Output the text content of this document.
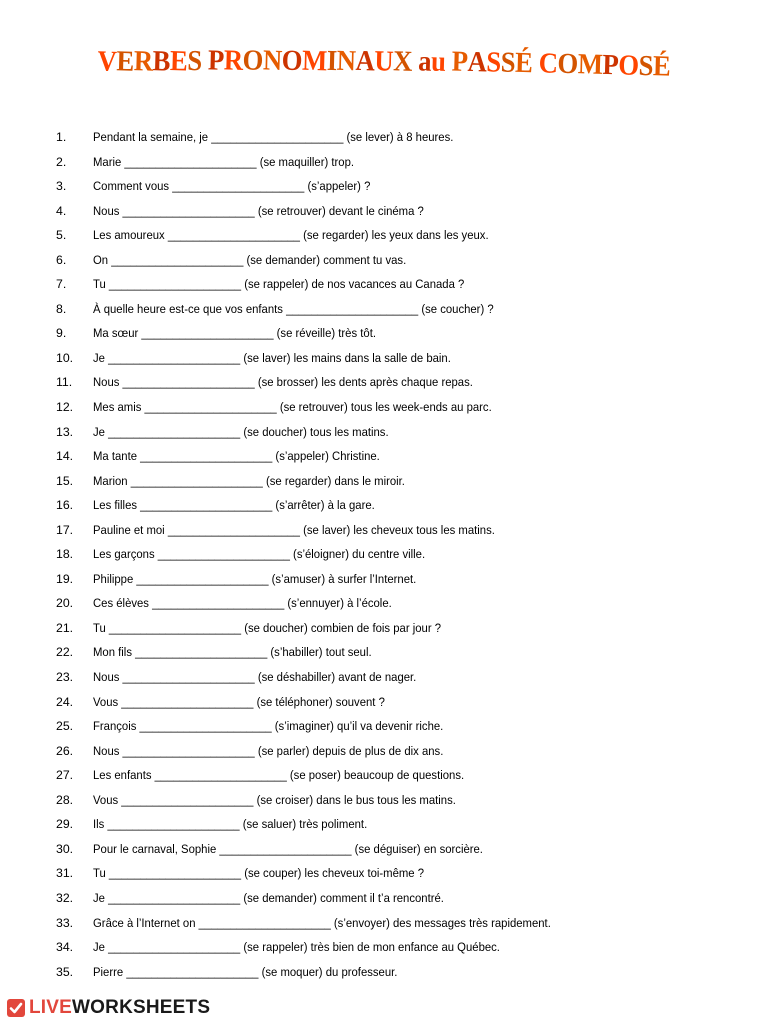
VERBES PRONOMINAUX au PASSÉ COMPOSÉ
1.	Pendant la semaine, je _____________________ (se lever) à 8 heures.
2.	Marie _____________________ (se maquiller) trop.
3.	Comment vous _____________________ (s’appeler) ?
4.	Nous _____________________ (se retrouver) devant le cinéma ?
5.	Les amoureux _____________________ (se regarder) les yeux dans les yeux.
6.	On _____________________ (se demander) comment tu vas.
7.	Tu _____________________ (se rappeler) de nos vacances au Canada ?
8.	À quelle heure est-ce que vos enfants _____________________ (se coucher) ?
9.	Ma sœur _____________________ (se réveille) très tôt.
10.	Je _____________________ (se laver) les mains dans la salle de bain.
11.	Nous _____________________ (se brosser) les dents après chaque repas.
12.	Mes amis _____________________ (se retrouver) tous les week-ends au parc.
13.	Je _____________________ (se doucher) tous les matins.
14.	Ma tante _____________________ (s’appeler) Christine.
15.	Marion _____________________ (se regarder) dans le miroir.
16.	Les filles _____________________ (s’arrêter) à la gare.
17.	Pauline et moi _____________________ (se laver) les cheveux tous les matins.
18.	Les garçons _____________________ (s’éloigner) du centre ville.
19.	Philippe _____________________ (s’amuser) à surfer l’Internet.
20.	Ces élèves _____________________ (s’ennuyer) à l’école.
21.	Tu _____________________ (se doucher) combien de fois par jour ?
22.	Mon fils _____________________ (s’habiller) tout seul.
23.	Nous _____________________ (se déshabiller) avant de nager.
24.	Vous _____________________ (se téléphoner) souvent ?
25.	François _____________________ (s’imaginer) qu’il va devenir riche.
26.	Nous _____________________ (se parler) depuis de plus de dix ans.
27.	Les enfants _____________________ (se poser) beaucoup de questions.
28.	Vous _____________________ (se croiser) dans le bus tous les matins.
29.	Ils _____________________ (se saluer) très poliment.
30.	Pour le carnaval, Sophie _____________________ (se déguiser) en sorcière.
31.	Tu _____________________ (se couper) les cheveux toi-même ?
32.	Je _____________________ (se demander) comment il t’a rencontré.
33.	Grâce à l’Internet on _____________________ (s’envoyer) des messages très rapidement.
34.	Je _____________________ (se rappeler) très bien de mon enfance au Québec.
35.	Pierre _____________________ (se moquer) du professeur.
LIVEWORKSHEETS
